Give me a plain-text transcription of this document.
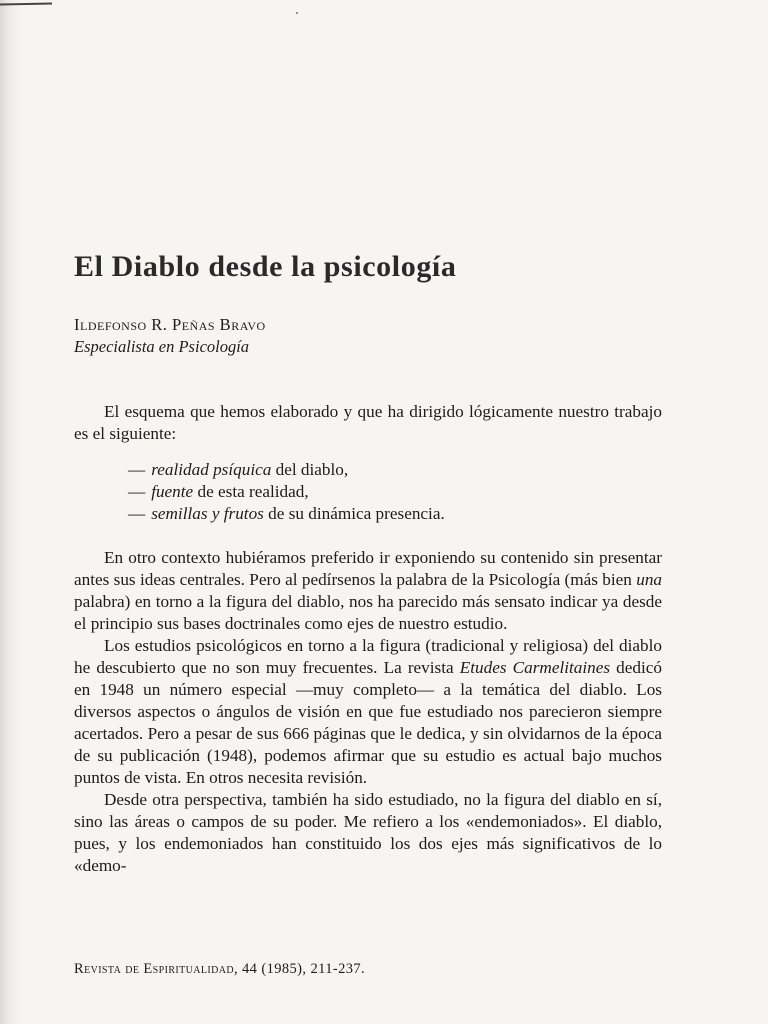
El Diablo desde la psicología
Ildefonso R. Peñas Bravo
Especialista en Psicología

El esquema que hemos elaborado y que ha dirigido lógicamente nuestro trabajo es el siguiente:

— realidad psíquica del diablo,
— fuente de esta realidad,
— semillas y frutos de su dinámica presencia.

En otro contexto hubiéramos preferido ir exponiendo su contenido sin presentar antes sus ideas centrales. Pero al pedírsenos la palabra de la Psicología (más bien una palabra) en torno a la figura del diablo, nos ha parecido más sensato indicar ya desde el principio sus bases doctrinales como ejes de nuestro estudio.

Los estudios psicológicos en torno a la figura (tradicional y religiosa) del diablo he descubierto que no son muy frecuentes. La revista Etudes Carmelitaines dedicó en 1948 un número especial —muy completo— a la temática del diablo. Los diversos aspectos o ángulos de visión en que fue estudiado nos parecieron siempre acertados. Pero a pesar de sus 666 páginas que le dedica, y sin olvidarnos de la época de su publicación (1948), podemos afirmar que su estudio es actual bajo muchos puntos de vista. En otros necesita revisión.

Desde otra perspectiva, también ha sido estudiado, no la figura del diablo en sí, sino las áreas o campos de su poder. Me refiero a los «endemoniados». El diablo, pues, y los endemoniados han constituido los dos ejes más significativos de lo «demo-

Revista de Espiritualidad, 44 (1985), 211-237.
